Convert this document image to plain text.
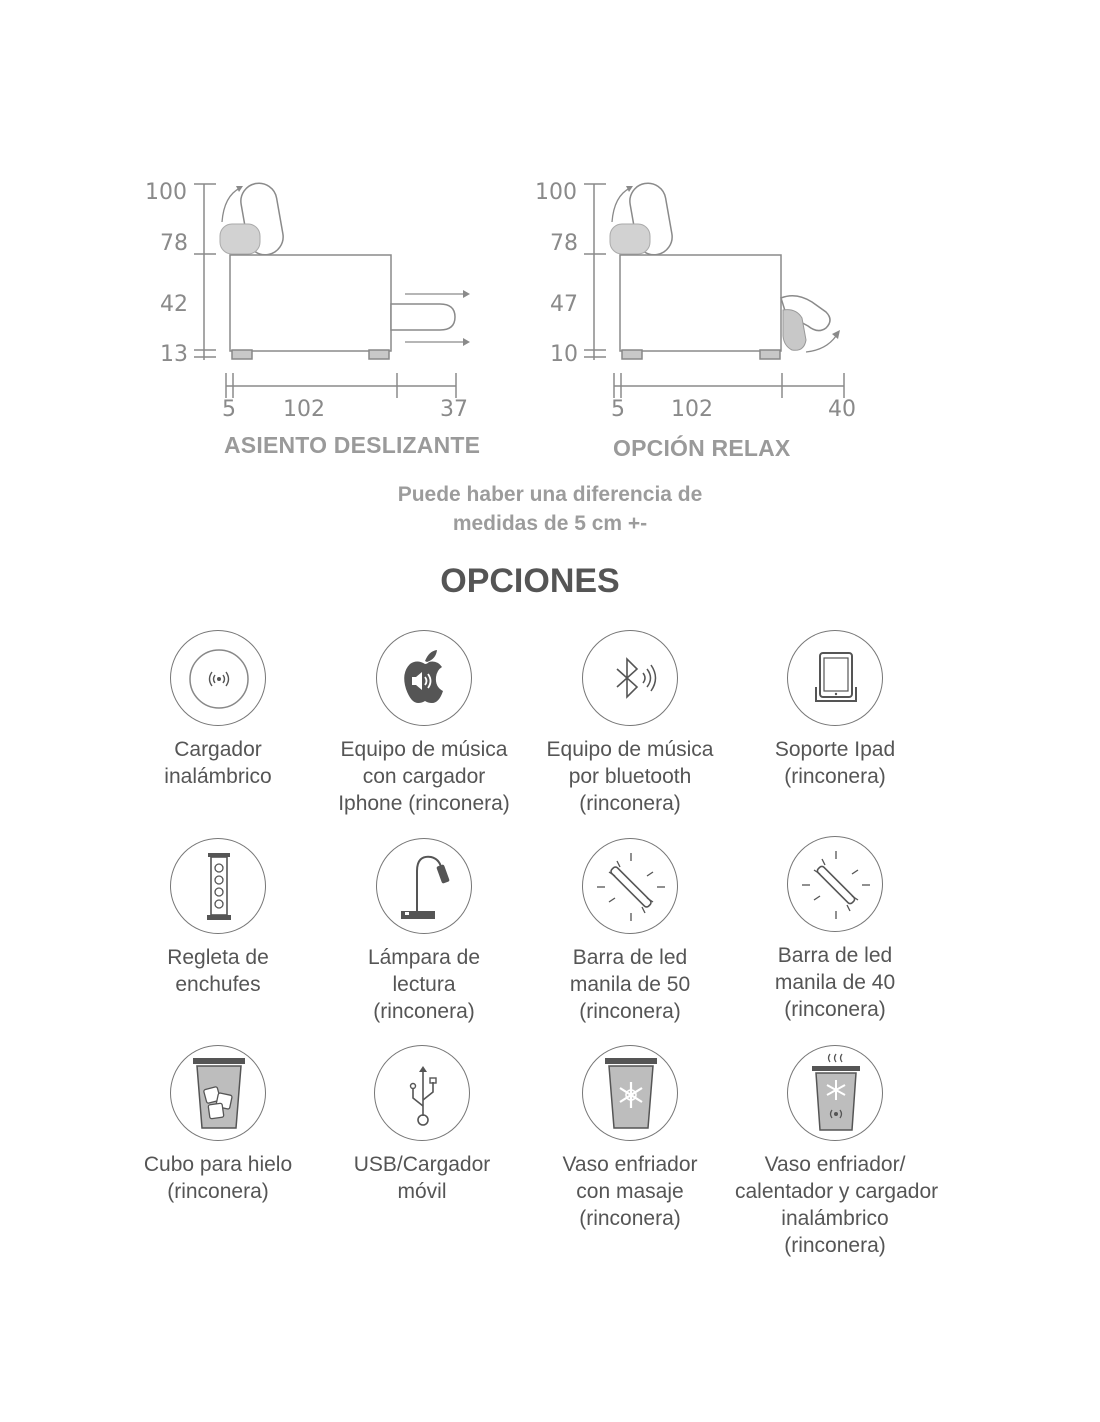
100
78
42
13
5 102	37
ASIENTO DESLIZANTE
100
78
47
10
5 102	40
OPCIÓN RELAX
Puede haber una diferencia de
medidas de 5 cm +-
OPCIONES
Cargador
inalámbrico
Equipo de música
con cargador
Iphone (rinconera)
Equipo de música
por bluetooth
(rinconera)
Soporte Ipad
(rinconera)
Regleta de
enchufes
Lámpara de
lectura
(rinconera)
Barra de led
manila de 50
(rinconera)
Barra de led
manila de 40
(rinconera)
Cubo para hielo
(rinconera)
USB/Cargador
móvil
Vaso enfriador
con masaje
(rinconera)
Vaso enfriador/
calentador y cargador
inalámbrico
(rinconera)
